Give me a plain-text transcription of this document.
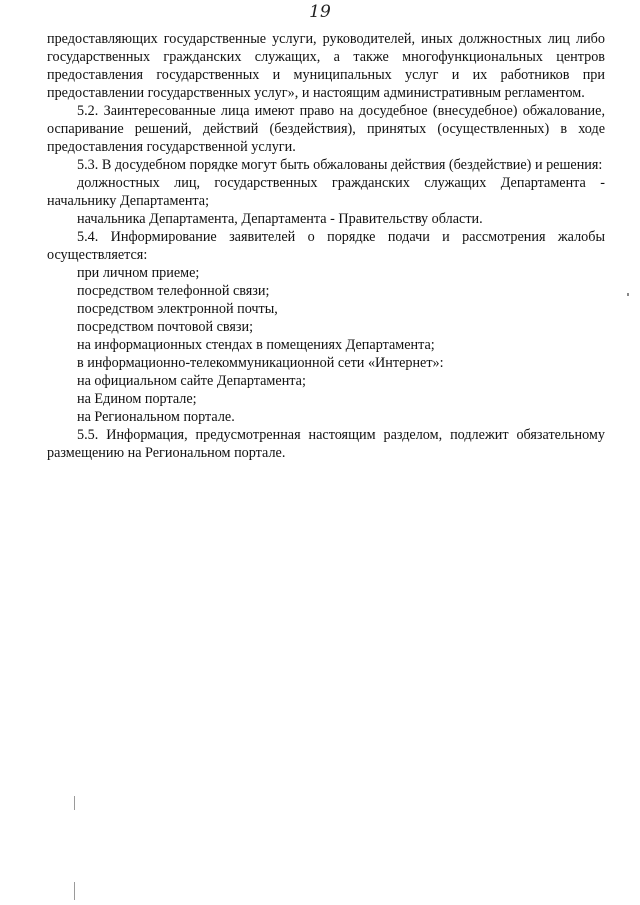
19

предоставляющих государственные услуги, руководителей, иных должностных лиц либо государственных гражданских служащих, а также многофункциональных центров предоставления государственных и муниципальных услуг и их работников при предоставлении государственных услуг», и настоящим административным регламентом.

5.2. Заинтересованные лица имеют право на досудебное (внесудебное) обжалование, оспаривание решений, действий (бездействия), принятых (осуществленных) в ходе предоставления государственной услуги.

5.3. В досудебном порядке могут быть обжалованы действия (бездействие) и решения:

должностных лиц, государственных гражданских служащих Департамента - начальнику Департамента;

начальника Департамента, Департамента - Правительству области.

5.4. Информирование заявителей о порядке подачи и рассмотрения жалобы осуществляется:

при личном приеме;

посредством телефонной связи;

посредством электронной почты,

посредством почтовой связи;

на информационных стендах в помещениях Департамента;

в информационно-телекоммуникационной сети «Интернет»:

на официальном сайте Департамента;

на Едином портале;

на Региональном портале.

5.5. Информация, предусмотренная настоящим разделом, подлежит обязательному размещению на Региональном портале.
